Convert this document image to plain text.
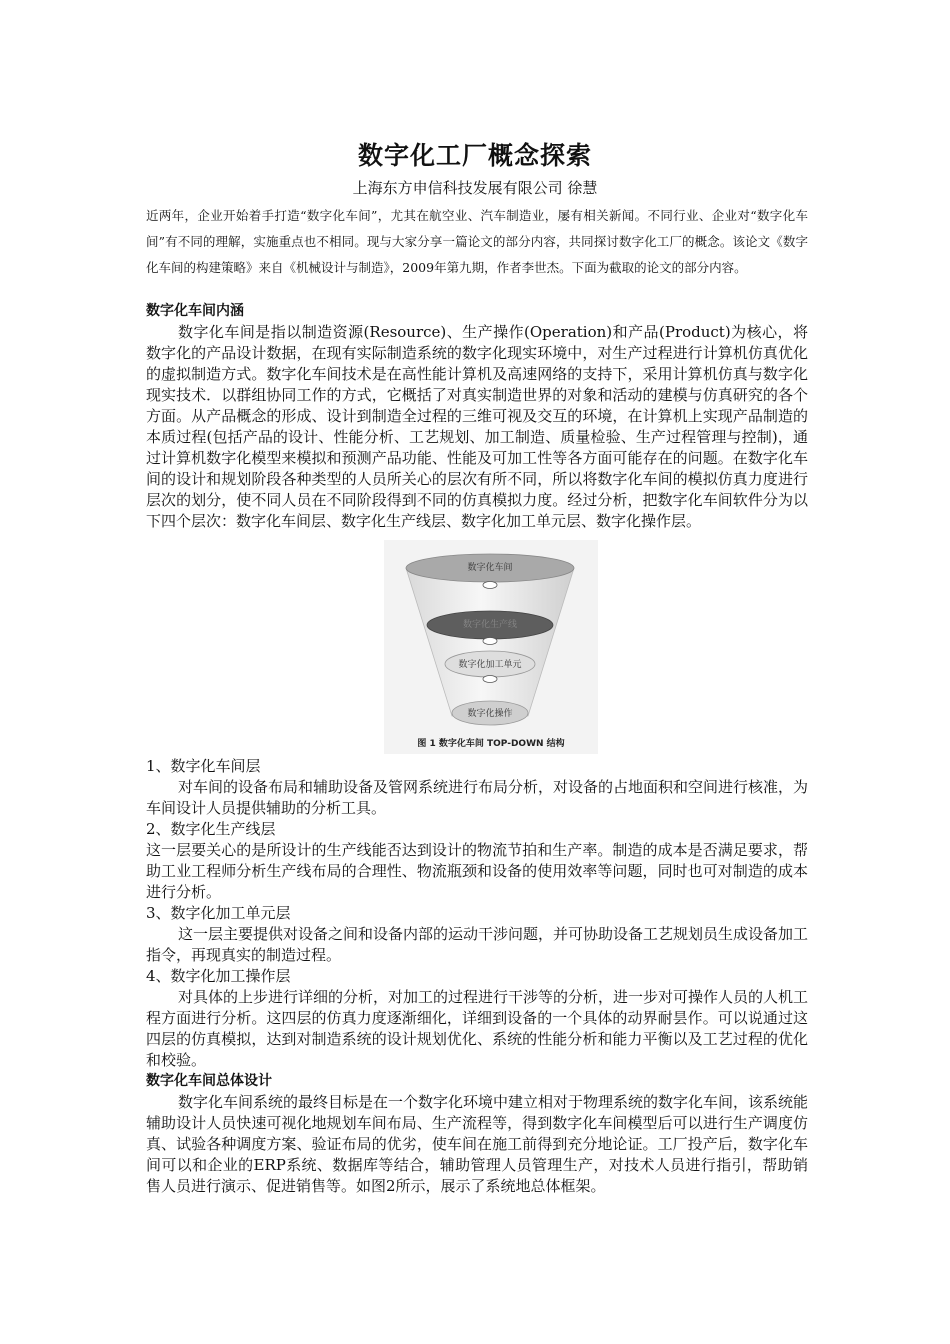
数字化工厂概念探索
上海东方申信科技发展有限公司 徐慧
近两年，企业开始着手打造“数字化车间”，尤其在航空业、汽车制造业，屡有相关新闻。不同行业、企业对“数字化车间”有不同的理解，实施重点也不相同。现与大家分享一篇论文的部分内容，共同探讨数字化工厂的概念。该论文《数字化车间的构建策略》来自《机械设计与制造》，2009年第九期，作者李世杰。下面为截取的论文的部分内容。
数字化车间内涵

数字化车间是指以制造资源(Resource)、生产操作(Operation)和产品(Product)为核心，将数字化的产品设计数据，在现有实际制造系统的数字化现实环境中，对生产过程进行计算机仿真优化的虚拟制造方式。数字化车间技术是在高性能计算机及高速网络的支持下，采用计算机仿真与数字化现实技术．以群组协同工作的方式，它概括了对真实制造世界的对象和活动的建模与仿真研究的各个方面。从产品概念的形成、设计到制造全过程的三维可视及交互的环境，在计算机上实现产品制造的本质过程(包括产品的设计、性能分析、工艺规划、加工制造、质量检验、生产过程管理与控制)，通过计算机数字化模型来模拟和预测产品功能、性能及可加工性等各方面可能存在的问题。在数字化车间的设计和规划阶段各种类型的人员所关心的层次有所不同，所以将数字化车间的模拟仿真力度进行层次的划分，使不同人员在不同阶段得到不同的仿真模拟力度。经过分析，把数字化车间软件分为以下四个层次：数字化车间层、数字化生产线层、数字化加工单元层、数字化操作层。

数字化车间
数字化生产线
数字化加工单元
数字化操作
图 1 数字化车间 TOP-DOWN 结构

1、数字化车间层

对车间的设备布局和辅助设备及管网系统进行布局分析，对设备的占地面积和空间进行核准，为车间设计人员提供辅助的分析工具。

2、数字化生产线层

这一层要关心的是所设计的生产线能否达到设计的物流节拍和生产率。制造的成本是否满足要求，帮助工业工程师分析生产线布局的合理性、物流瓶颈和设备的使用效率等问题，同时也可对制造的成本进行分析。

3、数字化加工单元层

这一层主要提供对设备之间和设备内部的运动干涉问题，并可协助设备工艺规划员生成设备加工指令，再现真实的制造过程。

4、数字化加工操作层

对具体的上步进行详细的分析，对加工的过程进行干涉等的分析，进一步对可操作人员的人机工程方面进行分析。这四层的仿真力度逐渐细化，详细到设备的一个具体的动界耐昙作。可以说通过这四层的仿真模拟，达到对制造系统的设计规划优化、系统的性能分析和能力平衡以及工艺过程的优化和校验。

数字化车间总体设计

数字化车间系统的最终目标是在一个数字化环境中建立相对于物理系统的数字化车间，该系统能辅助设计人员快速可视化地规划车间布局、生产流程等，得到数字化车间模型后可以进行生产调度仿真、试验各种调度方案、验证布局的优劣，使车间在施工前得到充分地论证。工厂投产后，数字化车间可以和企业的ERP系统、数据库等结合，辅助管理人员管理生产，对技术人员进行指引，帮助销售人员进行演示、促进销售等。如图2所示，展示了系统地总体框架。
